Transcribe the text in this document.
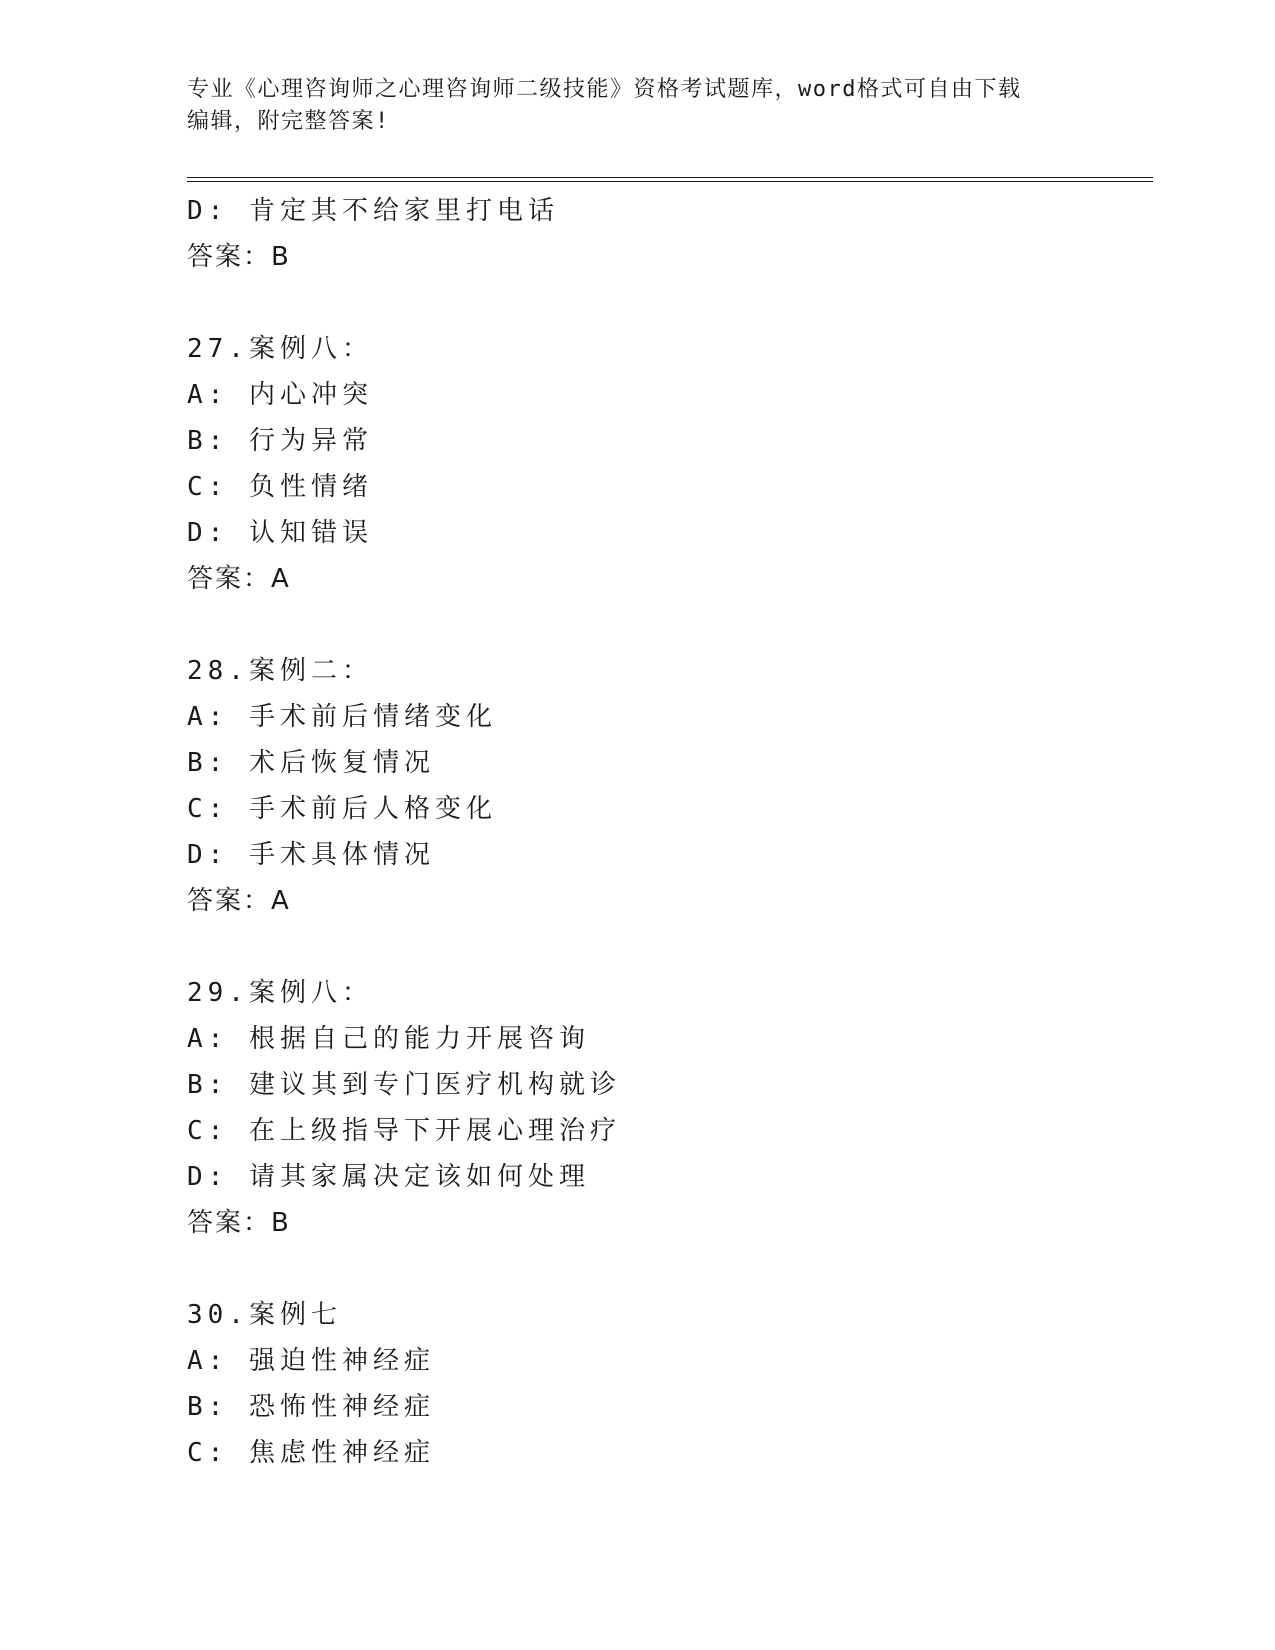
专业《心理咨询师之心理咨询师二级技能》资格考试题库，word格式可自由下载
编辑，附完整答案!
D: 肯定其不给家里打电话
答案：B
27.案例八：
A: 内心冲突
B: 行为异常
C: 负性情绪
D: 认知错误
答案：A
28.案例二：
A: 手术前后情绪变化
B: 术后恢复情况
C: 手术前后人格变化
D: 手术具体情况
答案：A
29.案例八：
A: 根据自己的能力开展咨询
B: 建议其到专门医疗机构就诊
C: 在上级指导下开展心理治疗
D: 请其家属决定该如何处理
答案：B
30.案例七
A: 强迫性神经症
B: 恐怖性神经症
C: 焦虑性神经症
